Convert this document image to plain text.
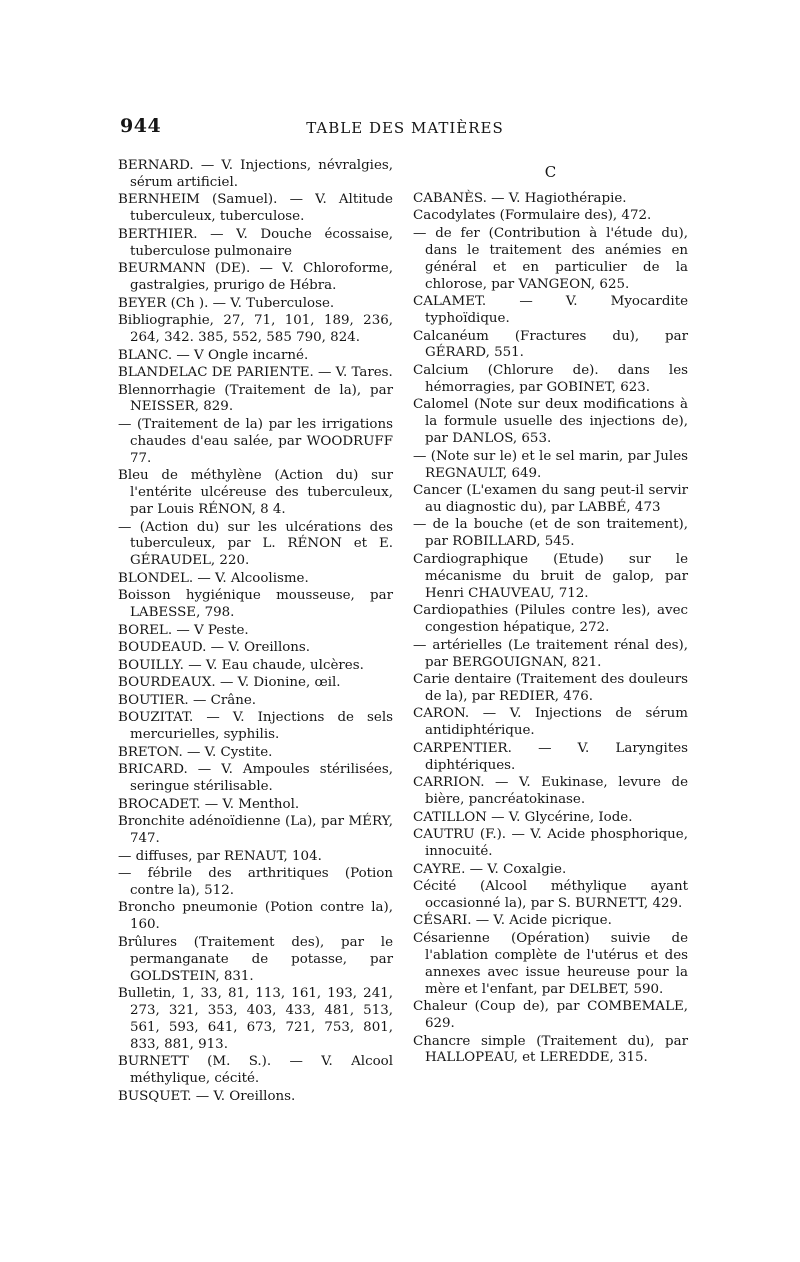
944	TABLE DES MATIÈRES

BERNARD. — V. Injections, névralgies, sérum artificiel.

BERNHEIM (Samuel). — V. Altitude tuberculeux, tuberculose.

BERTHIER. — V. Douche écossaise, tuberculose pulmonaire

BEURMANN (DE). — V. Chloroforme, gastralgies, prurigo de Hébra.

BEYER (Ch ). — V. Tuberculose.

Bibliographie, 27, 71, 101, 189, 236, 264, 342. 385, 552, 585 790, 824.

BLANC. — V Ongle incarné.

BLANDELAC DE PARIENTE. — V. Tares.

Blennorrhagie (Traitement de la), par NEISSER, 829.

— (Traitement de la) par les irrigations chaudes d'eau salée, par WOODRUFF 77.

Bleu de méthylène (Action du) sur l'entérite ulcéreuse des tuberculeux, par Louis RÉNON, 8 4.

— (Action du) sur les ulcérations des tuberculeux, par L. RÉNON et E. GÉRAUDEL, 220.

BLONDEL. — V. Alcoolisme.

Boisson hygiénique mousseuse, par LABESSE, 798.

BOREL. — V Peste.

BOUDEAUD. — V. Oreillons.

BOUILLY. — V. Eau chaude, ulcères.

BOURDEAUX. — V. Dionine, œil.

BOUTIER. — Crâne.

BOUZITAT. — V. Injections de sels mercurielles, syphilis.

BRETON. — V. Cystite.

BRICARD. — V. Ampoules stérilisées, seringue stérilisable.

BROCADET. — V. Menthol.

Bronchite adénoïdienne (La), par MÉRY, 747.

— diffuses, par RENAUT, 104.

— fébrile des arthritiques (Potion contre la), 512.

Broncho pneumonie (Potion contre la), 160.

Brûlures (Traitement des), par le permanganate de potasse, par GOLDSTEIN, 831.

Bulletin, 1, 33, 81, 113, 161, 193, 241, 273, 321, 353, 403, 433, 481, 513, 561, 593, 641, 673, 721, 753, 801, 833, 881, 913.

BURNETT (M. S.). — V. Alcool méthylique, cécité.

BUSQUET. — V. Oreillons.

C

CABANÈS. — V. Hagiothérapie.

Cacodylates (Formulaire des), 472.

— de fer (Contribution à l'étude du), dans le traitement des anémies en général et en particulier de la chlorose, par VANGEON, 625.

CALAMET. — V. Myocardite typhoïdique.

Calcanéum (Fractures du), par GÉRARD, 551.

Calcium (Chlorure de). dans les hémorragies, par GOBINET, 623.

Calomel (Note sur deux modifications à la formule usuelle des injections de), par DANLOS, 653.

— (Note sur le) et le sel marin, par Jules REGNAULT, 649.

Cancer (L'examen du sang peut-il servir au diagnostic du), par LABBÉ, 473

— de la bouche (et de son traitement), par ROBILLARD, 545.

Cardiographique (Etude) sur le mécanisme du bruit de galop, par Henri CHAUVEAU, 712.

Cardiopathies (Pilules contre les), avec congestion hépatique, 272.

— artérielles (Le traitement rénal des), par BERGOUIGNAN, 821.

Carie dentaire (Traitement des douleurs de la), par REDIER, 476.

CARON. — V. Injections de sérum antidiphtérique.

CARPENTIER. — V. Laryngites diphtériques.

CARRION. — V. Eukinase, levure de bière, pancréatokinase.

CATILLON — V. Glycérine, Iode.

CAUTRU (F.). — V. Acide phosphorique, innocuité.

CAYRE. — V. Coxalgie.

Cécité (Alcool méthylique ayant occasionné la), par S. BURNETT, 429.

CÉSARI. — V. Acide picrique.

Césarienne (Opération) suivie de l'ablation complète de l'utérus et des annexes avec issue heureuse pour la mère et l'enfant, par DELBET, 590.

Chaleur (Coup de), par COMBEMALE, 629.

Chancre simple (Traitement du), par HALLOPEAU, et LEREDDE, 315.
